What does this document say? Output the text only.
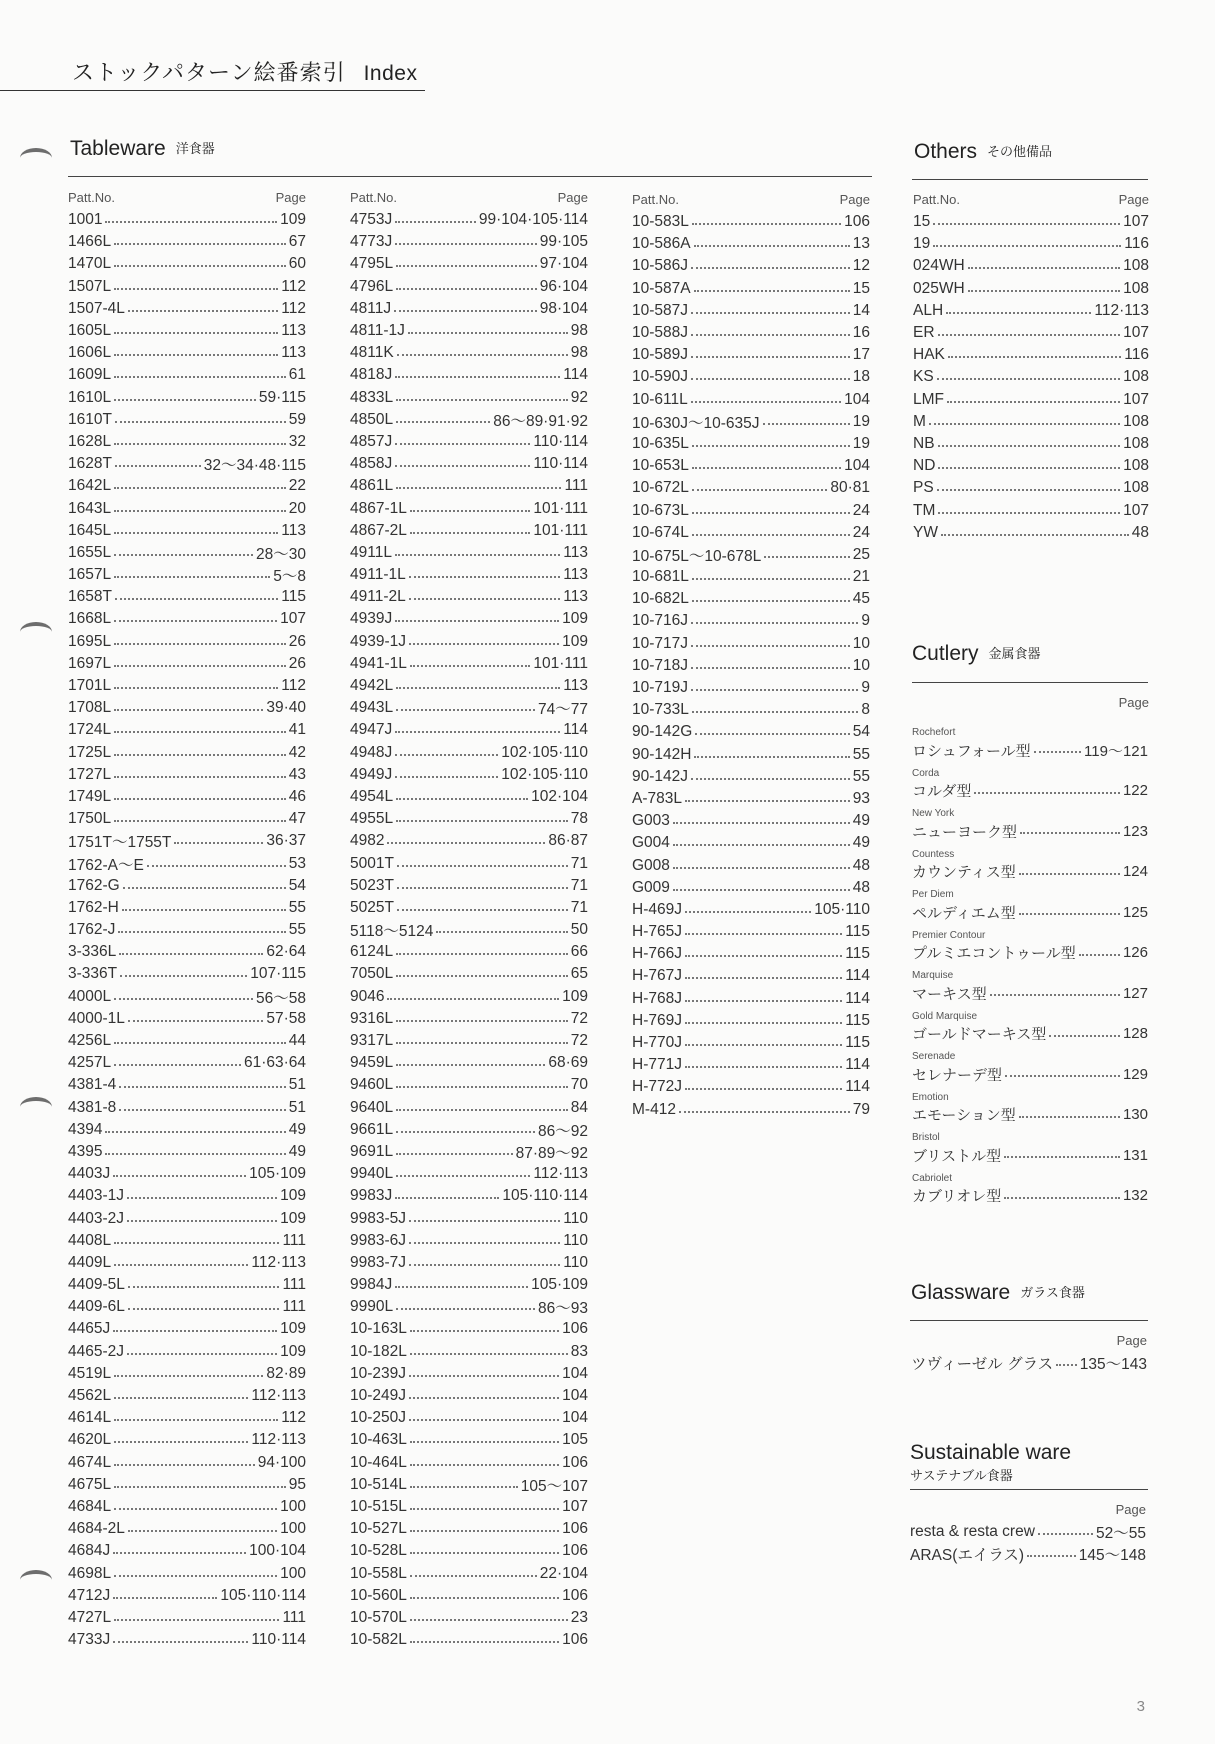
ストックパターン絵番索引 Index
Tableware 洋食器
Patt.No.	Page
1001	109
1466L	67
1470L	60
1507L	112
1507-4L	112
1605L	113
1606L	113
1609L	61
1610L	59·115
1610T	59
1628L	32
1628T	32〜34·48·115
1642L	22
1643L	20
1645L	113
1655L	28〜30
1657L	5〜8
1658T	115
1668L	107
1695L	26
1697L	26
1701L	112
1708L	39·40
1724L	41
1725L	42
1727L	43
1749L	46
1750L	47
1751T〜1755T	36·37
1762-A〜E	53
1762-G	54
1762-H	55
1762-J	55
3-336L	62·64
3-336T	107·115
4000L	56〜58
4000-1L	57·58
4256L	44
4257L	61·63·64
4381-4	51
4381-8	51
4394	49
4395	49
4403J	105·109
4403-1J	109
4403-2J	109
4408L	111
4409L	112·113
4409-5L	111
4409-6L	111
4465J	109
4465-2J	109
4519L	82·89
4562L	112·113
4614L	112
4620L	112·113
4674L	94·100
4675L	95
4684L	100
4684-2L	100
4684J	100·104
4698L	100
4712J	105·110·114
4727L	111
4733J	110·114
Patt.No.	Page
4753J	99·104·105·114
4773J	99·105
4795L	97·104
4796L	96·104
4811J	98·104
4811-1J	98
4811K	98
4818J	114
4833L	92
4850L	86〜89·91·92
4857J	110·114
4858J	110·114
4861L	111
4867-1L	101·111
4867-2L	101·111
4911L	113
4911-1L	113
4911-2L	113
4939J	109
4939-1J	109
4941-1L	101·111
4942L	113
4943L	74〜77
4947J	114
4948J	102·105·110
4949J	102·105·110
4954L	102·104
4955L	78
4982	86·87
5001T	71
5023T	71
5025T	71
5118〜5124	50
6124L	66
7050L	65
9046	109
9316L	72
9317L	72
9459L	68·69
9460L	70
9640L	84
9661L	86〜92
9691L	87·89〜92
9940L	112·113
9983J	105·110·114
9983-5J	110
9983-6J	110
9983-7J	110
9984J	105·109
9990L	86〜93
10-163L	106
10-182L	83
10-239J	104
10-249J	104
10-250J	104
10-463L	105
10-464L	106
10-514L	105〜107
10-515L	107
10-527L	106
10-528L	106
10-558L	22·104
10-560L	106
10-570L	23
10-582L	106
Patt.No.	Page
10-583L	106
10-586A	13
10-586J	12
10-587A	15
10-587J	14
10-588J	16
10-589J	17
10-590J	18
10-611L	104
10-630J〜10-635J	19
10-635L	19
10-653L	104
10-672L	80·81
10-673L	24
10-674L	24
10-675L〜10-678L	25
10-681L	21
10-682L	45
10-716J	9
10-717J	10
10-718J	10
10-719J	9
10-733L	8
90-142G	54
90-142H	55
90-142J	55
A-783L	93
G003	49
G004	49
G008	48
G009	48
H-469J	105·110
H-765J	115
H-766J	115
H-767J	114
H-768J	114
H-769J	115
H-770J	115
H-771J	114
H-772J	114
M-412	79
Others その他備品
Patt.No.	Page
15	107
19	116
024WH	108
025WH	108
ALH	112·113
ER	107
HAK	116
KS	108
LMF	107
M	108
NB	108
ND	108
PS	108
TM	107
YW	48
Cutlery 金属食器
Page
Rochefort
ロシュフォール型	119〜121
Corda
コルダ型	122
New York
ニューヨーク型	123
Countess
カウンティス型	124
Per Diem
ペルディエム型	125
Premier Contour
プルミエコントゥール型	126
Marquise
マーキス型	127
Gold Marquise
ゴールドマーキス型	128
Serenade
セレナーデ型	129
Emotion
エモーション型	130
Bristol
ブリストル型	131
Cabriolet
カブリオレ型	132
Glassware ガラス食器
Page
ツヴィーゼル グラス 135〜143
Sustainable ware
サステナブル食器
Page
resta & resta crew	52〜55
ARAS(エイラス)	145〜148
3
